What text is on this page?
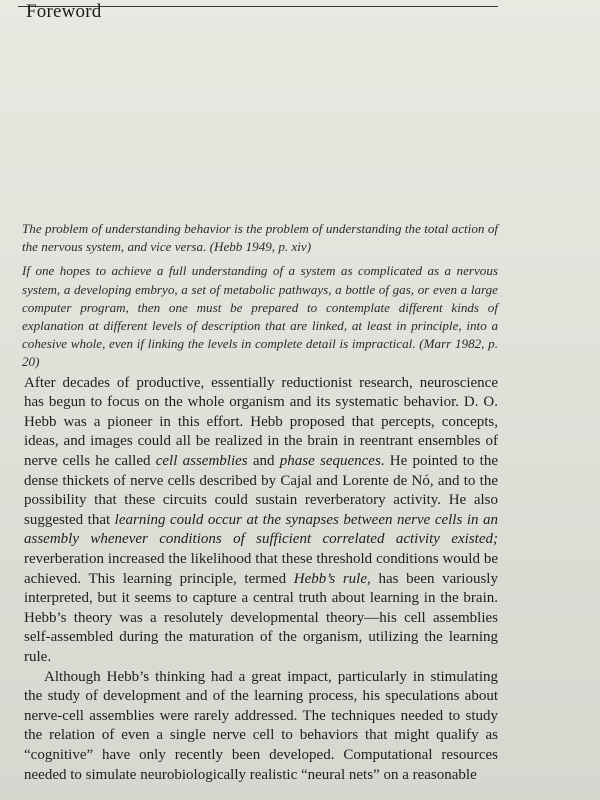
Foreword

The problem of understanding behavior is the problem of understanding the total action of the nervous system, and vice versa. (Hebb 1949, p. xiv)

If one hopes to achieve a full understanding of a system as complicated as a nervous system, a developing embryo, a set of metabolic pathways, a bottle of gas, or even a large computer program, then one must be prepared to contemplate different kinds of explanation at different levels of description that are linked, at least in principle, into a cohesive whole, even if linking the levels in complete detail is impractical. (Marr 1982, p. 20)

After decades of productive, essentially reductionist research, neuroscience has begun to focus on the whole organism and its systematic behavior. D. O. Hebb was a pioneer in this effort. Hebb proposed that percepts, concepts, ideas, and images could all be realized in the brain in reentrant ensembles of nerve cells he called cell assemblies and phase sequences. He pointed to the dense thickets of nerve cells described by Cajal and Lorente de Nó, and to the possibility that these circuits could sustain reverberatory activity. He also suggested that learning could occur at the synapses between nerve cells in an assembly whenever conditions of sufficient correlated activity existed; reverberation increased the likelihood that these threshold conditions would be achieved. This learning principle, termed Hebb’s rule, has been variously interpreted, but it seems to capture a central truth about learning in the brain. Hebb’s theory was a resolutely developmental theory—his cell assemblies self-assembled during the maturation of the organism, utilizing the learning rule.

Although Hebb’s thinking had a great impact, particularly in stimulating the study of development and of the learning process, his speculations about nerve-cell assemblies were rarely addressed. The techniques needed to study the relation of even a single nerve cell to behaviors that might qualify as “cognitive” have only recently been developed. Computational resources needed to simulate neurobiologically realistic “neural nets” on a reasonable
